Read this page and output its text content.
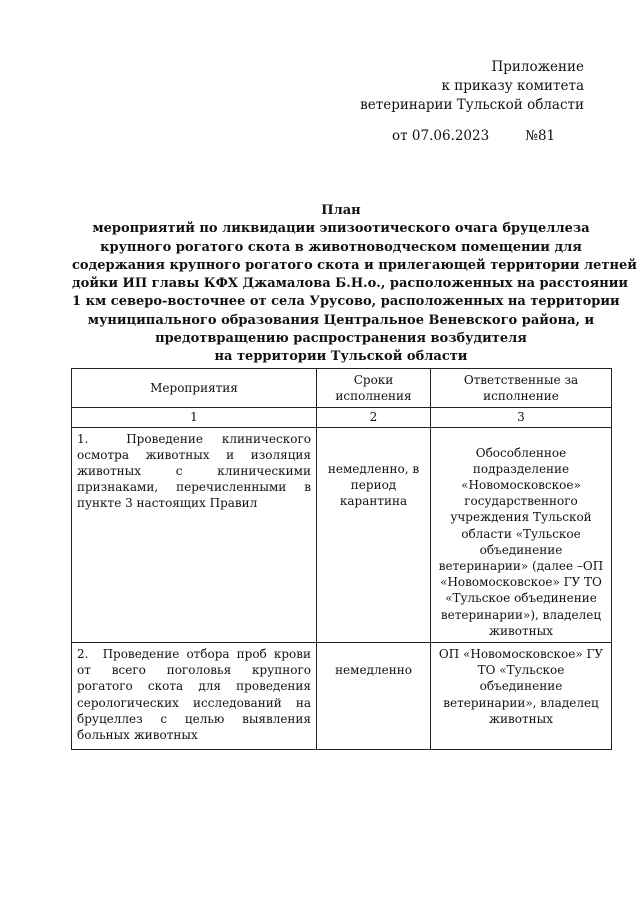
Приложение
к приказу комитета
ветеринарии Тульской области
от 07.06.2023	№81
План
мероприятий по ликвидации эпизоотического очага бруцеллеза
крупного рогатого скота в животноводческом помещении для
содержания крупного рогатого скота и прилегающей территории летней
дойки ИП главы КФХ Джамалова Б.Н.о., расположенных на расстоянии
1 км северо-восточнее от села Урусово, расположенных на территории
муниципального образования Центральное Веневского района, и
предотвращению распространения возбудителя
на территории Тульской области
Мероприятия	Сроки исполнения	Ответственные за исполнение
1	2	3
1.  Проведение клинического осмотра животных и изоляция животных с клиническими признаками, перечисленными в пункте 3 настоящих Правил	немедленно, в период карантина	Обособленное подразделение «Новомосковское» государственного учреждения Тульской области «Тульское объединение ветеринарии» (далее –ОП «Новомосковское» ГУ ТО «Тульское объединение ветеринарии»), владелец животных
2.  Проведение отбора проб крови от всего поголовья крупного рогатого скота для проведения серологических исследований на бруцеллез с целью выявления больных животных	немедленно	ОП «Новомосковское» ГУ ТО «Тульское объединение ветеринарии», владелец животных
